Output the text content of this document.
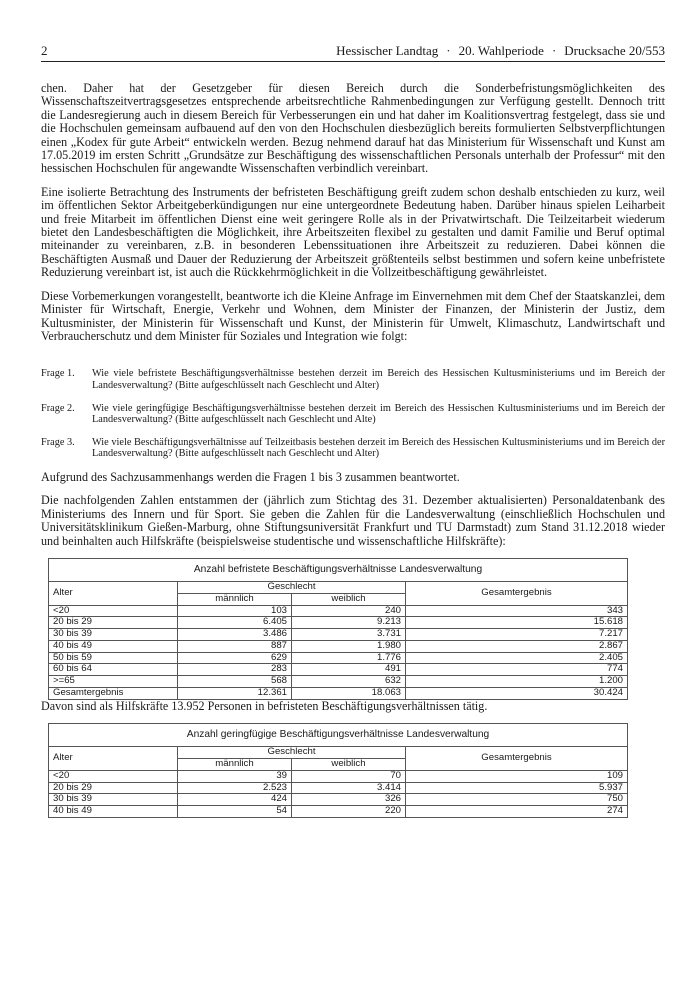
2	Hessischer Landtag · 20. Wahlperiode · Drucksache 20/553

chen. Daher hat der Gesetzgeber für diesen Bereich durch die Sonderbefristungsmöglichkeiten des Wissenschaftszeitvertragsgesetzes entsprechende arbeitsrechtliche Rahmenbedingungen zur Verfügung gestellt. Dennoch tritt die Landesregierung auch in diesem Bereich für Verbesserungen ein und hat daher im Koalitionsvertrag festgelegt, dass sie und die Hochschulen gemeinsam aufbauend auf den von den Hochschulen diesbezüglich bereits formulierten Selbstverpflichtungen einen „Kodex für gute Arbeit“ entwickeln werden. Bezug nehmend darauf hat das Ministerium für Wissenschaft und Kunst am 17.05.2019 im ersten Schritt „Grundsätze zur Beschäftigung des wissenschaftlichen Personals unterhalb der Professur“ mit den hessischen Hochschulen für angewandte Wissenschaften verbindlich vereinbart.

Eine isolierte Betrachtung des Instruments der befristeten Beschäftigung greift zudem schon deshalb entschieden zu kurz, weil im öffentlichen Sektor Arbeitgeberkündigungen nur eine untergeordnete Bedeutung haben. Darüber hinaus spielen Leiharbeit und freie Mitarbeit im öffentlichen Dienst eine weit geringere Rolle als in der Privatwirtschaft. Die Teilzeitarbeit wiederum bietet den Landesbeschäftigten die Möglichkeit, ihre Arbeitszeiten flexibel zu gestalten und damit Familie und Beruf optimal miteinander zu vereinbaren, z.B. in besonderen Lebenssituationen ihre Arbeitszeit zu reduzieren. Dabei können die Beschäftigten Ausmaß und Dauer der Reduzierung der Arbeitszeit größtenteils selbst bestimmen und sofern keine unbefristete Reduzierung vereinbart ist, ist auch die Rückkehrmöglichkeit in die Vollzeitbeschäftigung gewährleistet.

Diese Vorbemerkungen vorangestellt, beantworte ich die Kleine Anfrage im Einvernehmen mit dem Chef der Staatskanzlei, dem Minister für Wirtschaft, Energie, Verkehr und Wohnen, dem Minister der Finanzen, der Ministerin der Justiz, dem Kultusminister, der Ministerin für Wissenschaft und Kunst, der Ministerin für Umwelt, Klimaschutz, Landwirtschaft und Verbraucherschutz und dem Minister für Soziales und Integration wie folgt:

Frage 1.	Wie viele befristete Beschäftigungsverhältnisse bestehen derzeit im Bereich des Hessischen Kultusministeriums und im Bereich der Landesverwaltung? (Bitte aufgeschlüsselt nach Geschlecht und Alter)
Frage 2.	Wie viele geringfügige Beschäftigungsverhältnisse bestehen derzeit im Bereich des Hessischen Kultusministeriums und im Bereich der Landesverwaltung? (Bitte aufgeschlüsselt nach Geschlecht und Alte)
Frage 3.	Wie viele Beschäftigungsverhältnisse auf Teilzeitbasis bestehen derzeit im Bereich des Hessischen Kultusministeriums und im Bereich der Landesverwaltung? (Bitte aufgeschlüsselt nach Geschlecht und Alter)

Aufgrund des Sachzusammenhangs werden die Fragen 1 bis 3 zusammen beantwortet.

Die nachfolgenden Zahlen entstammen der (jährlich zum Stichtag des 31. Dezember aktualisierten) Personaldatenbank des Ministeriums des Innern und für Sport. Sie geben die Zahlen für die Landesverwaltung (einschließlich Hochschulen und Universitätsklinikum Gießen-Marburg, ohne Stiftungsuniversität Frankfurt und TU Darmstadt) zum Stand 31.12.2018 wieder und beinhalten auch Hilfskräfte (beispielsweise studentische und wissenschaftliche Hilfskräfte):

Anzahl befristete Beschäftigungsverhältnisse Landesverwaltung			
Alter	Geschlecht		Gesamtergebnis
	männlich	weiblich	
<20	103	240	343
20 bis 29	6.405	9.213	15.618
30 bis 39	3.486	3.731	7.217
40 bis 49	887	1.980	2.867
50 bis 59	629	1.776	2.405
60 bis 64	283	491	774
>=65	568	632	1.200
Gesamtergebnis	12.361	18.063	30.424

Davon sind als Hilfskräfte 13.952 Personen in befristeten Beschäftigungsverhältnissen tätig.

Anzahl geringfügige Beschäftigungsverhältnisse Landesverwaltung			
Alter	Geschlecht		Gesamtergebnis
	männlich	weiblich	
<20	39	70	109
20 bis 29	2.523	3.414	5.937
30 bis 39	424	326	750
40 bis 49	54	220	274
